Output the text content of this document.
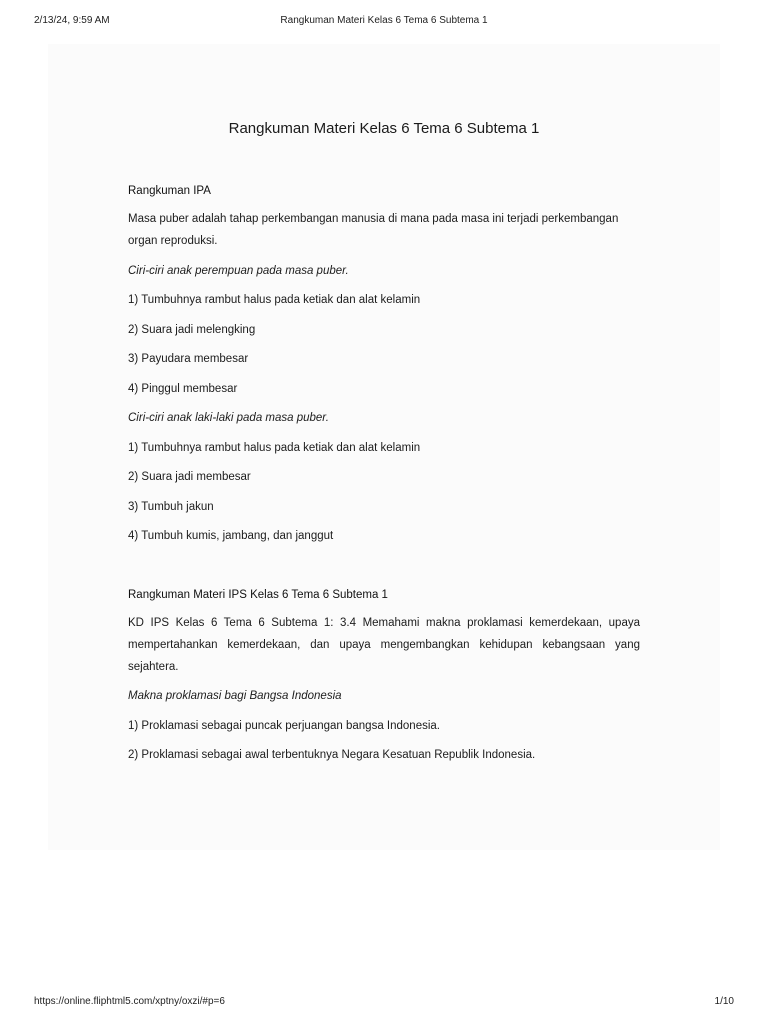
2/13/24, 9:59 AM	Rangkuman Materi Kelas 6 Tema 6 Subtema 1
Rangkuman Materi Kelas 6 Tema 6 Subtema 1

Rangkuman IPA

Masa puber adalah tahap perkembangan manusia di mana pada masa ini terjadi perkembangan organ reproduksi.

Ciri-ciri anak perempuan pada masa puber.

1) Tumbuhnya rambut halus pada ketiak dan alat kelamin

2) Suara jadi melengking

3) Payudara membesar

4) Pinggul membesar

Ciri-ciri anak laki-laki pada masa puber.

1) Tumbuhnya rambut halus pada ketiak dan alat kelamin

2) Suara jadi membesar

3) Tumbuh jakun

4) Tumbuh kumis, jambang, dan janggut

Rangkuman Materi IPS Kelas 6 Tema 6 Subtema 1

KD IPS Kelas 6 Tema 6 Subtema 1: 3.4 Memahami makna proklamasi kemerdekaan, upaya mempertahankan kemerdekaan, dan upaya mengembangkan kehidupan kebangsaan yang sejahtera.

Makna proklamasi bagi Bangsa Indonesia

1) Proklamasi sebagai puncak perjuangan bangsa Indonesia.

2) Proklamasi sebagai awal terbentuknya Negara Kesatuan Republik Indonesia.

https://online.fliphtml5.com/xptny/oxzi/#p=6	1/10
